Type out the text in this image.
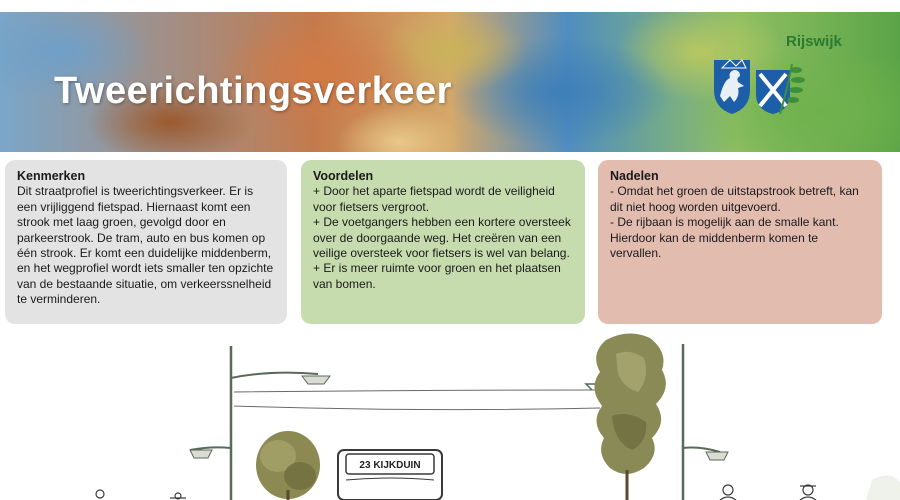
Tweerichtingsverkeer
Rijswijk
Kenmerken

Dit straatprofiel is tweerichtingsverkeer. Er is een vrijliggend fietspad. Hiernaast komt een strook met laag groen, gevolgd door en parkeerstrook. De tram, auto en bus komen op één strook. Er komt een duidelijke middenberm, en het wegprofiel wordt iets smaller ten opzichte van de bestaande situatie, om verkeerssnelheid te verminderen.

Voordelen

+ Door het aparte fietspad wordt de veiligheid voor fietsers vergroot.

+ De voetgangers hebben een kortere oversteek over de doorgaande weg. Het creëren van een veilige oversteek voor fietsers is wel van belang.

+ Er is meer ruimte voor groen en het plaatsen van bomen.

Nadelen

- Omdat het groen de uitstapstrook betreft, kan dit niet hoog worden uitgevoerd.

- De rijbaan is mogelijk aan de smalle kant. Hierdoor kan de middenberm komen te vervallen.

23 KIJKDUIN
